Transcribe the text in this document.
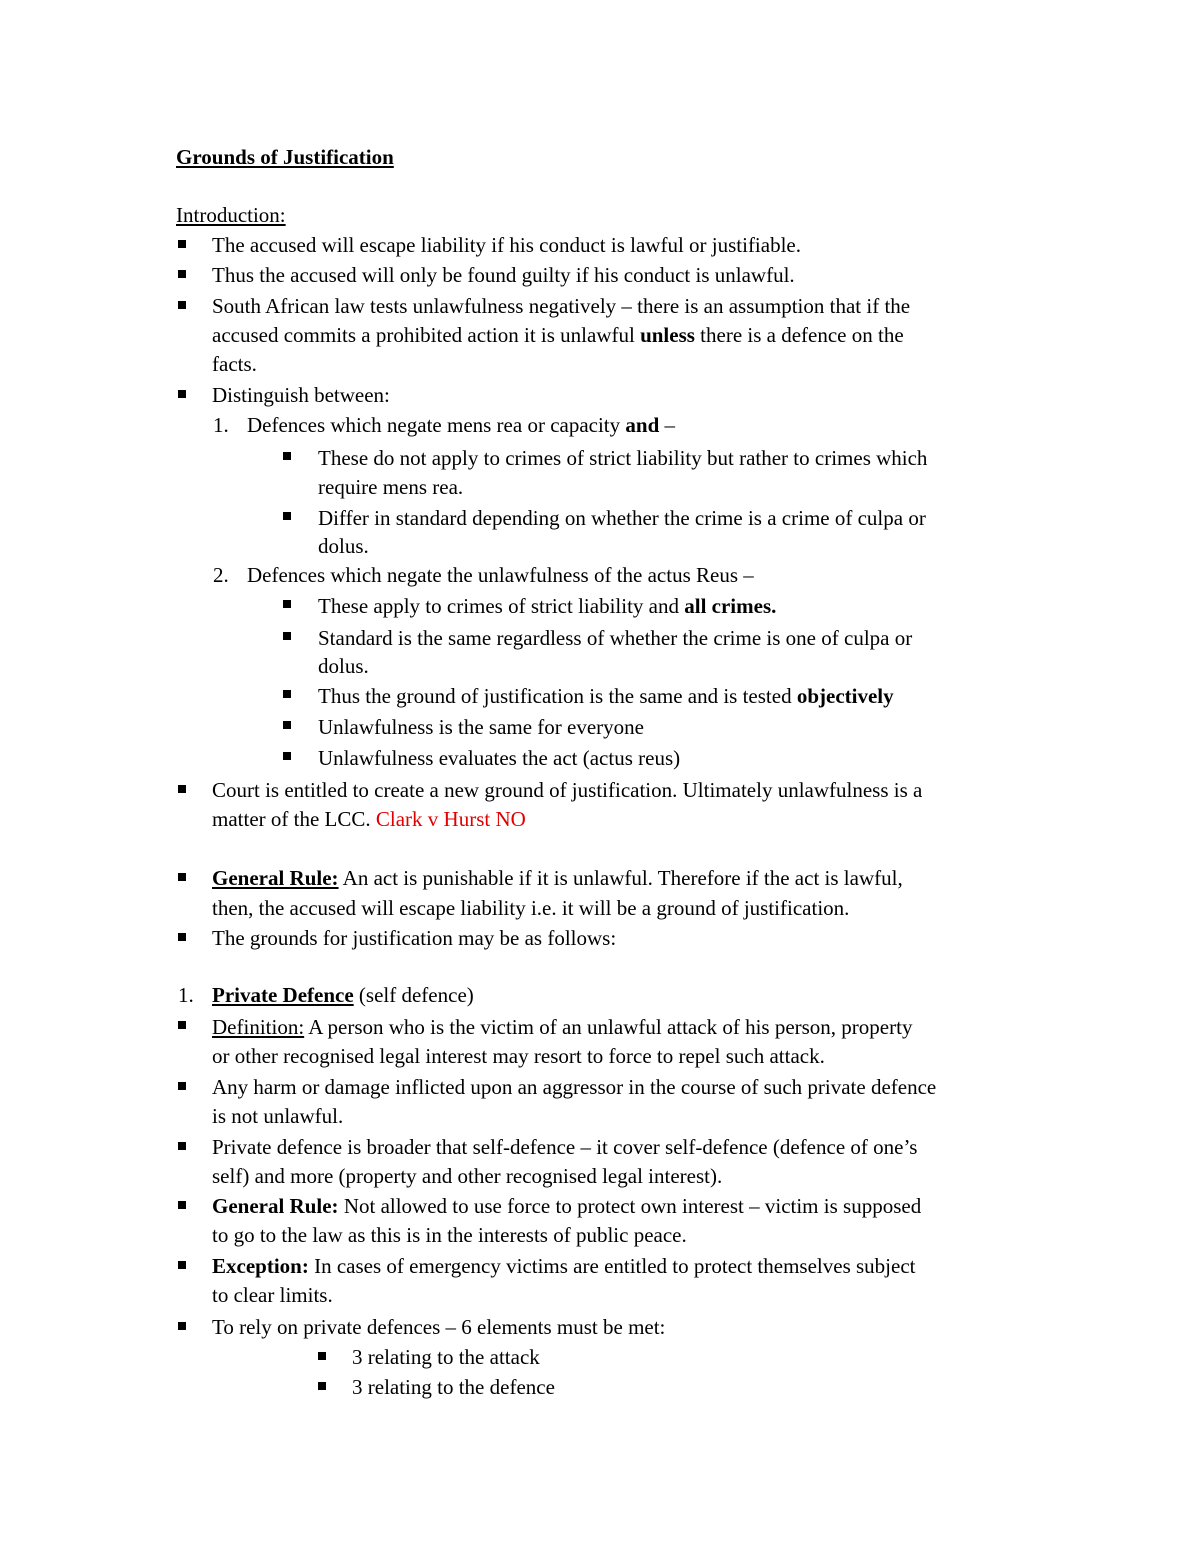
Grounds of Justification
Introduction:
The accused will escape liability if his conduct is lawful or justifiable.
Thus the accused will only be found guilty if his conduct is unlawful.
South African law tests unlawfulness negatively – there is an assumption that if the
accused commits a prohibited action it is unlawful unless there is a defence on the
facts.
Distinguish between:
1. Defences which negate mens rea or capacity and –
These do not apply to crimes of strict liability but rather to crimes which
require mens rea.
Differ in standard depending on whether the crime is a crime of culpa or
dolus.
2. Defences which negate the unlawfulness of the actus Reus –
These apply to crimes of strict liability and all crimes.
Standard is the same regardless of whether the crime is one of culpa or
dolus.
Thus the ground of justification is the same and is tested objectively
Unlawfulness is the same for everyone
Unlawfulness evaluates the act (actus reus)
Court is entitled to create a new ground of justification. Ultimately unlawfulness is a
matter of the LCC. Clark v Hurst NO
General Rule: An act is punishable if it is unlawful. Therefore if the act is lawful,
then, the accused will escape liability i.e. it will be a ground of justification.
The grounds for justification may be as follows:
1. Private Defence (self defence)
Definition: A person who is the victim of an unlawful attack of his person, property
or other recognised legal interest may resort to force to repel such attack.
Any harm or damage inflicted upon an aggressor in the course of such private defence
is not unlawful.
Private defence is broader that self-defence – it cover self-defence (defence of one’s
self) and more (property and other recognised legal interest).
General Rule: Not allowed to use force to protect own interest – victim is supposed
to go to the law as this is in the interests of public peace.
Exception: In cases of emergency victims are entitled to protect themselves subject
to clear limits.
To rely on private defences – 6 elements must be met:
3 relating to the attack
3 relating to the defence
